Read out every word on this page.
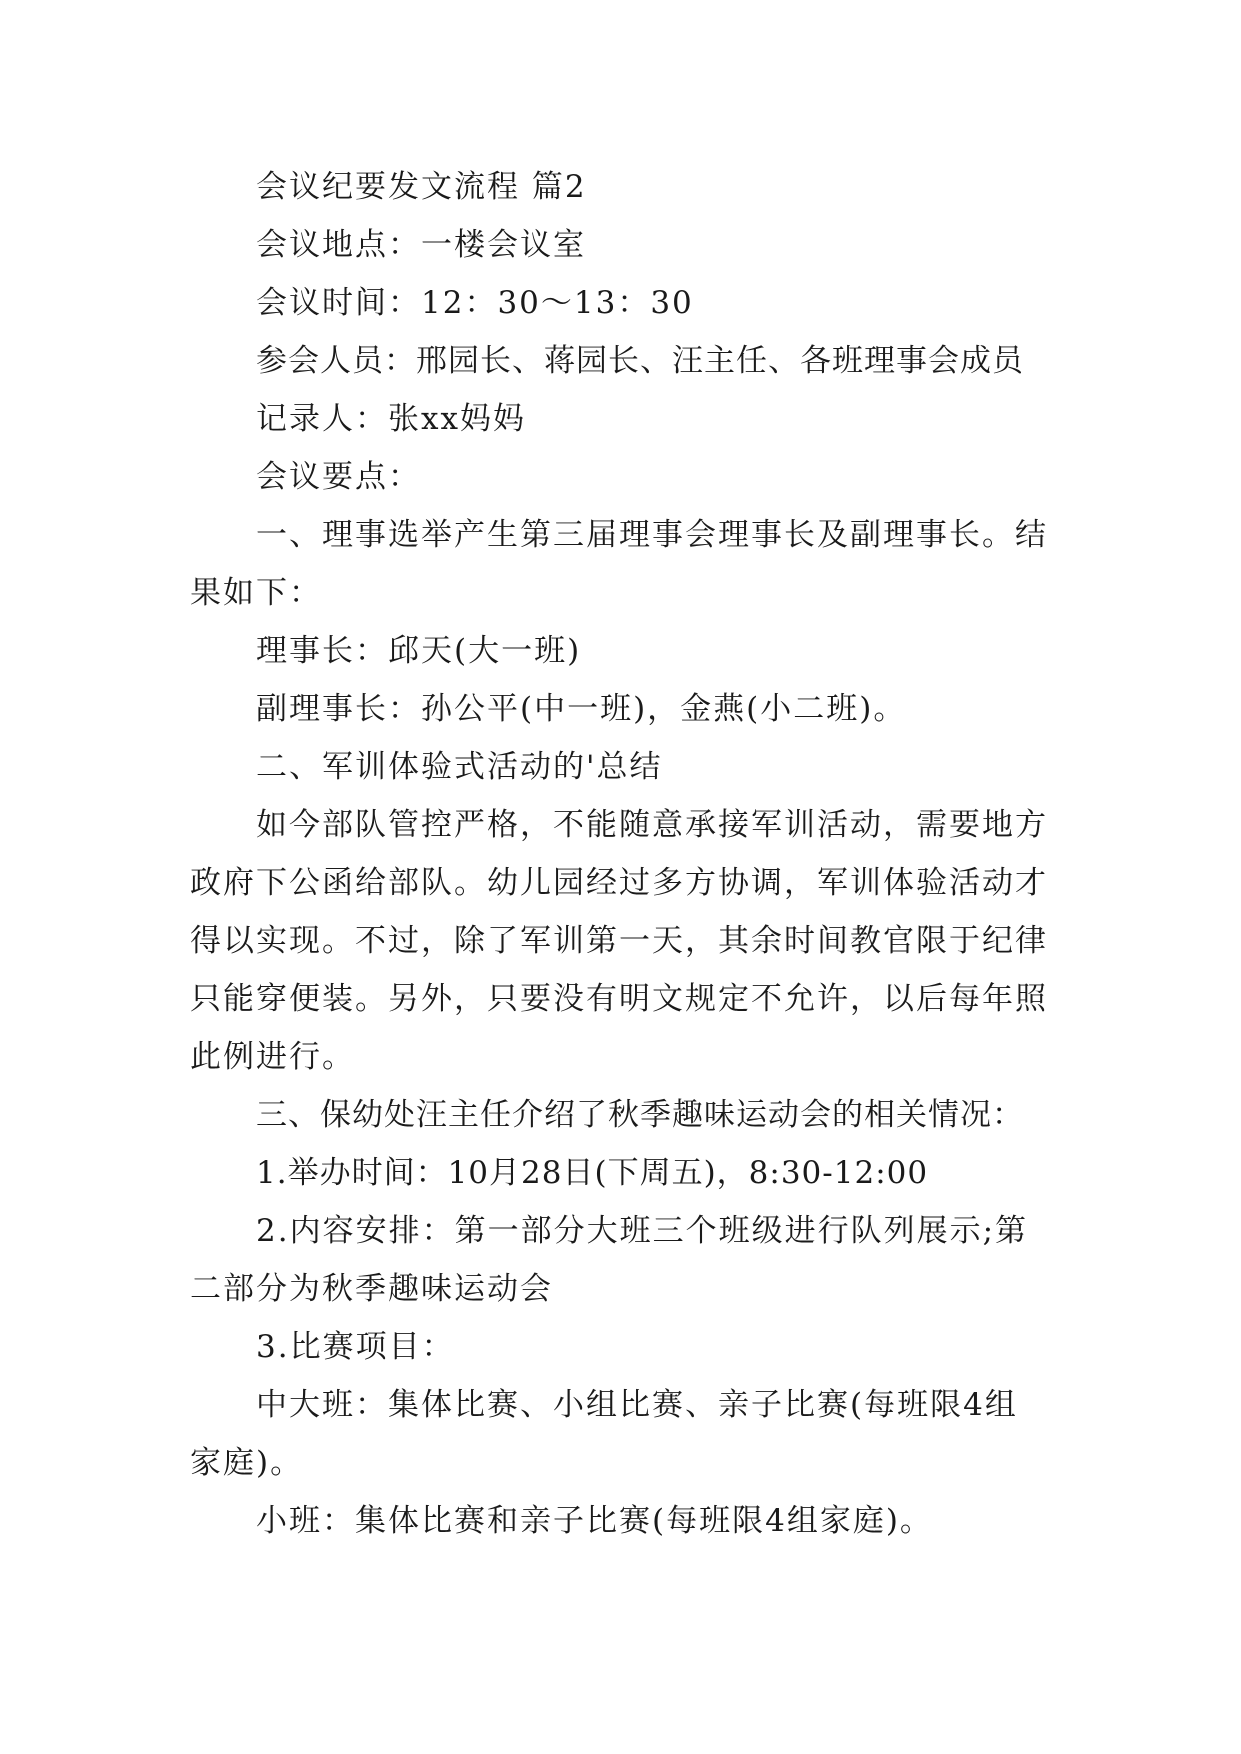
会议纪要发文流程 篇2

会议地点：一楼会议室

会议时间：12：30～13：30

参会人员：邢园长、蒋园长、汪主任、各班理事会成员

记录人：张xx妈妈

会议要点：

一、理事选举产生第三届理事会理事长及副理事长。结果如下：

理事长：邱天(大一班)

副理事长：孙公平(中一班)，金燕(小二班)。

二、军训体验式活动的'总结

如今部队管控严格，不能随意承接军训活动，需要地方政府下公函给部队。幼儿园经过多方协调，军训体验活动才得以实现。不过，除了军训第一天，其余时间教官限于纪律只能穿便装。另外，只要没有明文规定不允许，以后每年照此例进行。

三、保幼处汪主任介绍了秋季趣味运动会的相关情况：

1.举办时间：10月28日(下周五)，8:30-12:00

2.内容安排：第一部分大班三个班级进行队列展示;第二部分为秋季趣味运动会

3.比赛项目：

中大班：集体比赛、小组比赛、亲子比赛(每班限4组家庭)。

小班：集体比赛和亲子比赛(每班限4组家庭)。
